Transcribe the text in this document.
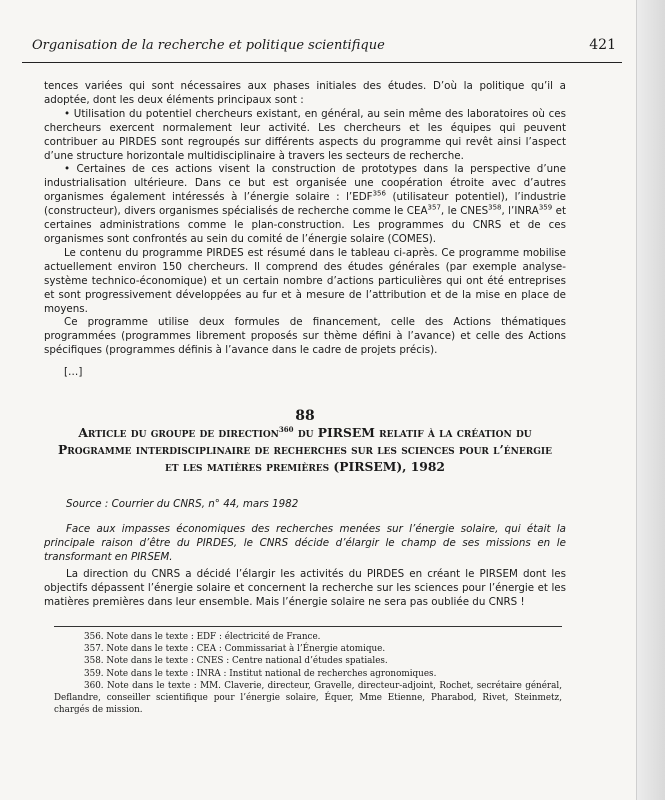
Organisation de la recherche et politique scientifique	421

tences variées qui sont nécessaires aux phases initiales des études. D’où la politique qu’il a adoptée, dont les deux éléments principaux sont :

• Utilisation du potentiel chercheurs existant, en général, au sein même des laboratoires où ces chercheurs exercent normalement leur activité. Les chercheurs et les équipes qui peuvent contribuer au PIRDES sont regroupés sur différents aspects du programme qui revêt ainsi l’aspect d’une structure horizontale multidisciplinaire à travers les secteurs de recherche.

• Certaines de ces actions visent la construction de prototypes dans la perspective d’une industrialisation ultérieure. Dans ce but est organisée une coopération étroite avec d’autres organismes également intéressés à l’énergie solaire : l’EDF$^{356}$ (utilisateur potentiel), l’industrie (constructeur), divers organismes spécialisés de recherche comme le CEA$^{357}$, le CNES$^{358}$, l’INRA$^{359}$ et certaines administrations comme le plan-construction. Les programmes du CNRS et de ces organismes sont confrontés au sein du comité de l’énergie solaire (COMES).

Le contenu du programme PIRDES est résumé dans le tableau ci-après. Ce programme mobilise actuellement environ 150 chercheurs. Il comprend des études générales (par exemple analyse-système technico-économique) et un certain nombre d’actions particulières qui ont été entreprises et sont progressivement développées au fur et à mesure de l’attribution et de la mise en place de moyens.

Ce programme utilise deux formules de financement, celle des Actions thématiques programmées (programmes librement proposés sur thème défini à l’avance) et celle des Actions spécifiques (programmes définis à l’avance dans le cadre de projets précis).

[…]

88
Article du groupe de direction$^{360}$ du PIRSEM relatif à la création du Programme interdisciplinaire de recherches sur les sciences pour l’énergie et les matières premières (PIRSEM), 1982
Source : Courrier du CNRS, n° 44, mars 1982
Face aux impasses économiques des recherches menées sur l’énergie solaire, qui était la principale raison d’être du PIRDES, le CNRS décide d’élargir le champ de ses missions en le transformant en PIRSEM.
La direction du CNRS a décidé l’élargir les activités du PIRDES en créant le PIRSEM dont les objectifs dépassent l’énergie solaire et concernent la recherche sur les sciences pour l’énergie et les matières premières dans leur ensemble. Mais l’énergie solaire ne sera pas oubliée du CNRS !

356. Note dans le texte : EDF : électricité de France.

357. Note dans le texte : CEA : Commissariat à l’Énergie atomique.

358. Note dans le texte : CNES : Centre national d’études spatiales.

359. Note dans le texte : INRA : Institut national de recherches agronomiques.

360. Note dans le texte : MM. Claverie, directeur, Gravelle, directeur-adjoint, Rochet, secrétaire général, Deflandre, conseiller scientifique pour l’énergie solaire, Équer, Mme Etienne, Pharabod, Rivet, Steinmetz, chargés de mission.
